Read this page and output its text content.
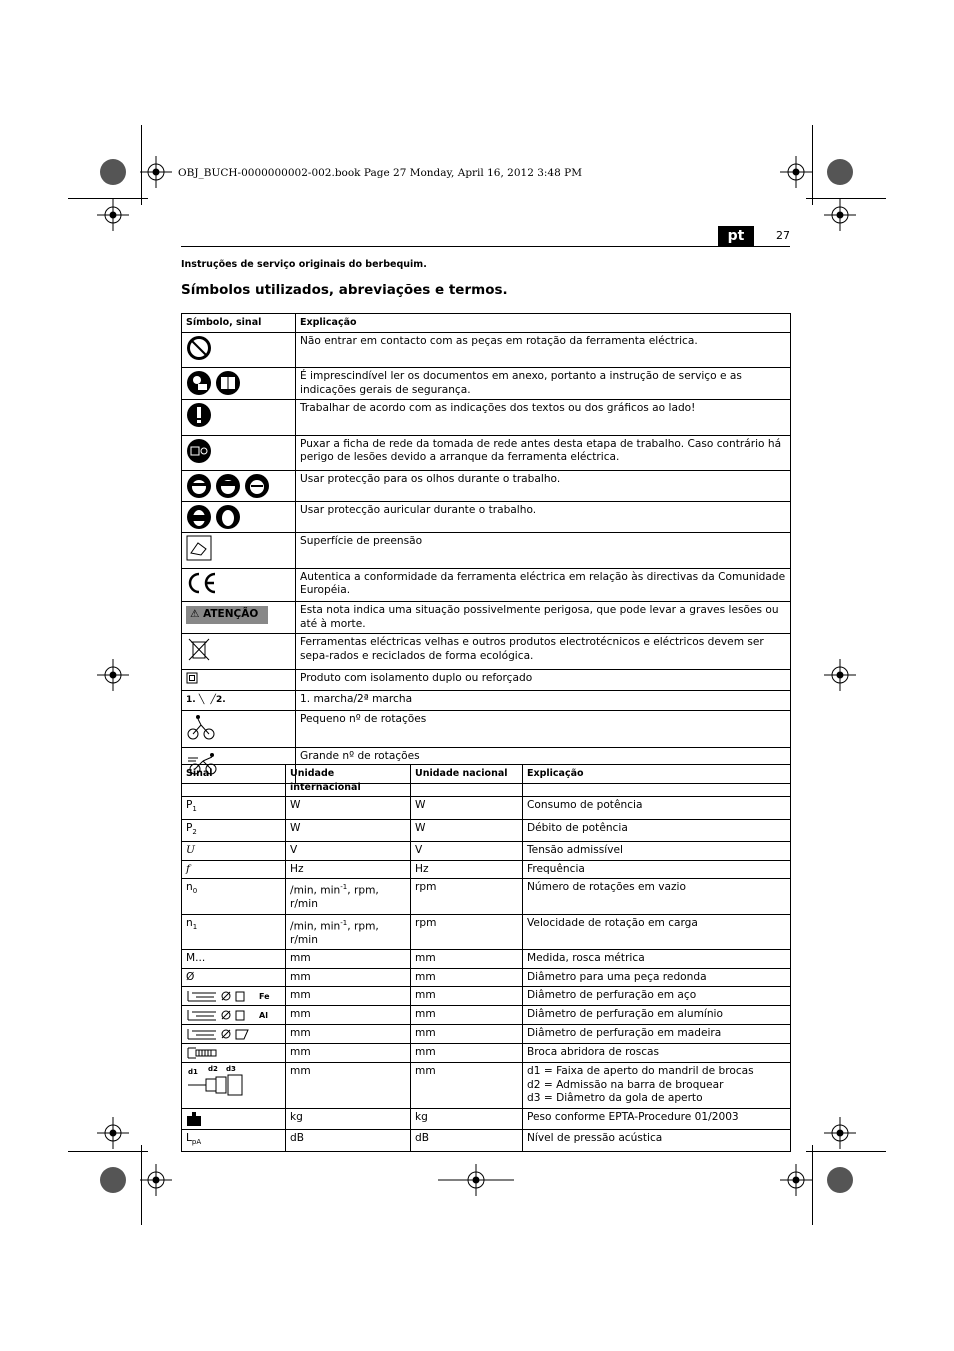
OBJ_BUCH-0000000002-002.book Page 27 Monday, April 16, 2012 3:48 PM
pt	27
Instruções de serviço originais do berbequim.
Símbolos utilizados, abreviações e termos.
Símbolo, sinal	Explicação
	Não entrar em contacto com as peças em rotação da ferramenta eléctrica.

	É imprescindível ler os documentos em anexo, portanto a instrução de serviço e as indicações gerais de segurança.
	Trabalhar de acordo com as indicações dos textos ou dos gráficos ao lado!
	Puxar a ficha de rede da tomada de rede antes desta etapa de trabalho. Caso contrário há perigo de lesões devido a arranque da ferramenta eléctrica.

	Usar protecção para os olhos durante o trabalho.

	Usar protecção auricular durante o trabalho.
	Superfície de preensão
	Autentica a conformidade da ferramenta eléctrica em relação às directivas da Comunidade Européia.
⚠ ATENÇÃO	Esta nota indica uma situação possivelmente perigosa, que pode levar a graves lesões ou até à morte.
	Ferramentas eléctricas velhas e outros produtos electrotécnicos e eléctricos devem ser sepa-rados e reciclados de forma ecológica.
	Produto com isolamento duplo ou reforçado
1. ╲  ╱2.	1. marcha/2ª marcha
	Pequeno nº de rotações
	Grande nº de rotações
Sinal	Unidade internacional	Unidade nacional	Explicação
$P_1$	W	W	Consumo de potência
$P_2$	W	W	Débito de potência
U	V	V	Tensão admissível
f	Hz	Hz	Frequência
$n_0$	/min, $\min^{-1}$, rpm, r/min	rpm	Número de rotações em vazio
$n_1$	/min, $\min^{-1}$, rpm, r/min	rpm	Velocidade de rotação em carga
M...	mm	mm	Medida, rosca métrica
Ø	mm	mm	Diâmetro para uma peça redonda

Fe	mm	mm	Diâmetro de perfuração em aço

Al	mm	mm	Diâmetro de perfuração em alumínio

	mm	mm	Diâmetro de perfuração em madeira

	mm	mm	Broca abridora de roscas

d1 d2 d3	mm	mm	d1 = Faixa de aperto do mandril de brocas
d2 = Admissão na barra de broquear
d3 = Diâmetro da gola de aperto

	kg	kg	Peso conforme EPTA-Procedure 01/2003
$L_{pA}$	dB	dB	Nível de pressão acústica
